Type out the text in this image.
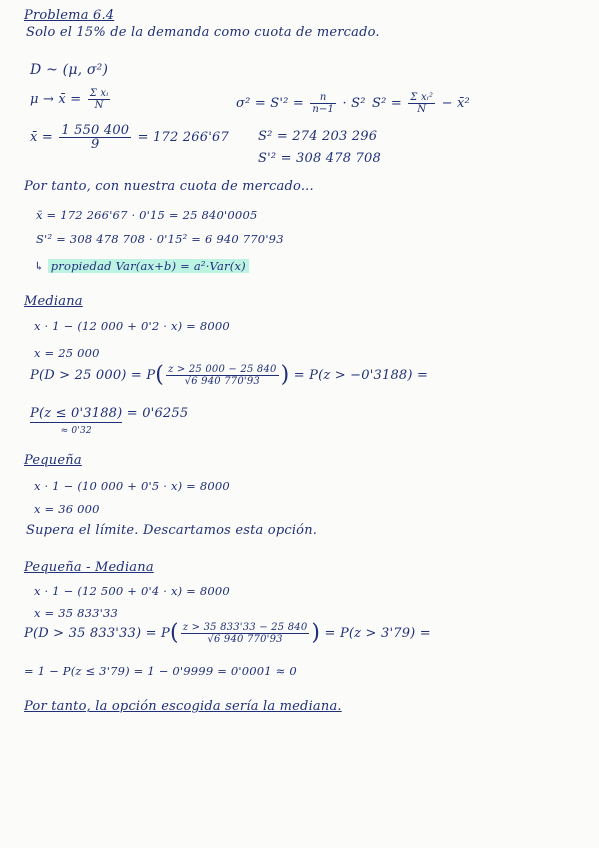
Problema 6.4
Solo el 15% de la demanda como cuota de mercado.
D ~ (μ, σ²)
μ → x̄ = $\frac{\text{Σ xᵢ}}{N}$	$\sigma^2 = S'^2 = \frac{n}{n-1} \cdot S^2$ $S^2 = \frac{\text{Σ xᵢ²}}{N}$ − x̄²
x̄ = $\frac{1 550 400}{9} = 172$ 266'67 S² = 274 203 296
S'² = 308 478 708
Por tanto, con nuestra cuota de mercado...
x̄ = 172 266'67 · 0'15 = 25 840'0005
S'² = 308 478 708 · 0'15² = 6 940 770'93
↳ propiedad Var(ax+b) = a²·Var(x)
Mediana
x · 1 − (12 000 + 0'2 · x) = 8000
x = 25 000
P(D > 25 $000) = P( \frac{z > 25 000 - 25 840}{√6 940 770'93}$ ) = P(z > −0'3188) =
P(z ≤ 0'3188)
≈ 0'32
= 0'6255
Pequeña
x · 1 − (10 000 + 0'5 · x) = 8000
x = 36 000
Supera el límite. Descartamos esta opción.
Pequeña - Mediana
x · 1 − (12 500 + 0'4 · x) = 8000
x = 35 833'33
P(D > 35 $833'33) = P( \frac{z > 35 833'33 - 25 840}{√6 940 770'93}$ ) = P(z > 3'79) =
= 1 − P(z ≤ 3'79) = 1 − 0'9999 = 0'0001 ≈ 0
Por tanto, la opción escogida sería la mediana.
